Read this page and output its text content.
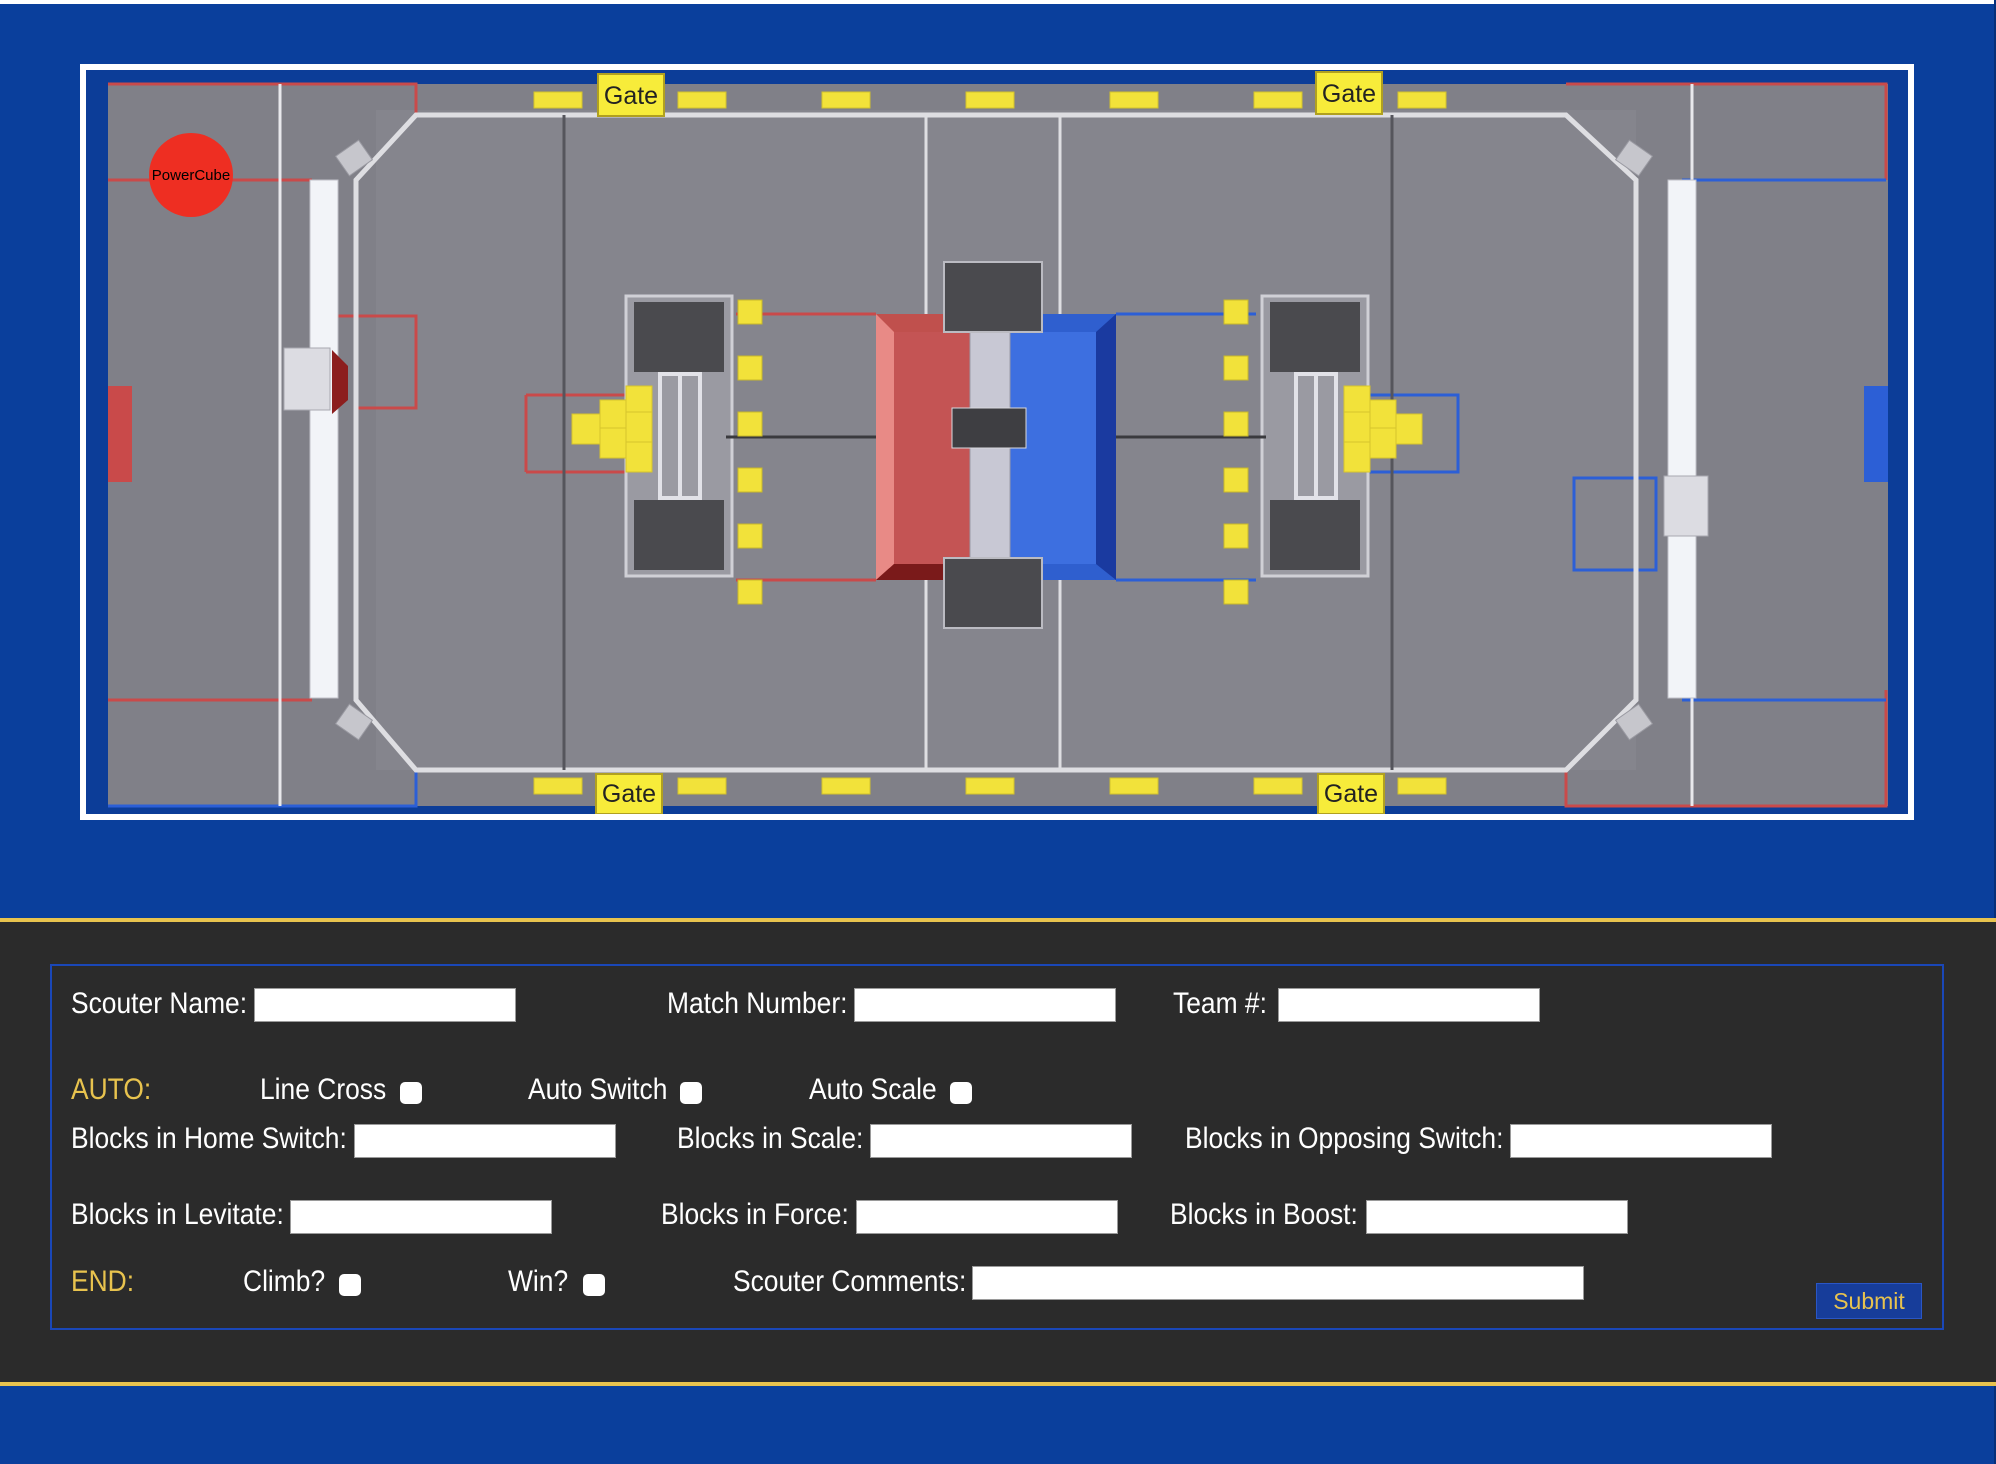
Gate	Gate
Gate	Gate
PowerCube
Scouter Name:	Match Number:	Team #:
AUTO:	Line Cross	Auto Switch	Auto Scale
Blocks in Home Switch:	Blocks in Scale:	Blocks in Opposing Switch:
Blocks in Levitate:	Blocks in Force:	Blocks in Boost:
END:	Climb?	Win?	Scouter Comments:
Submit
